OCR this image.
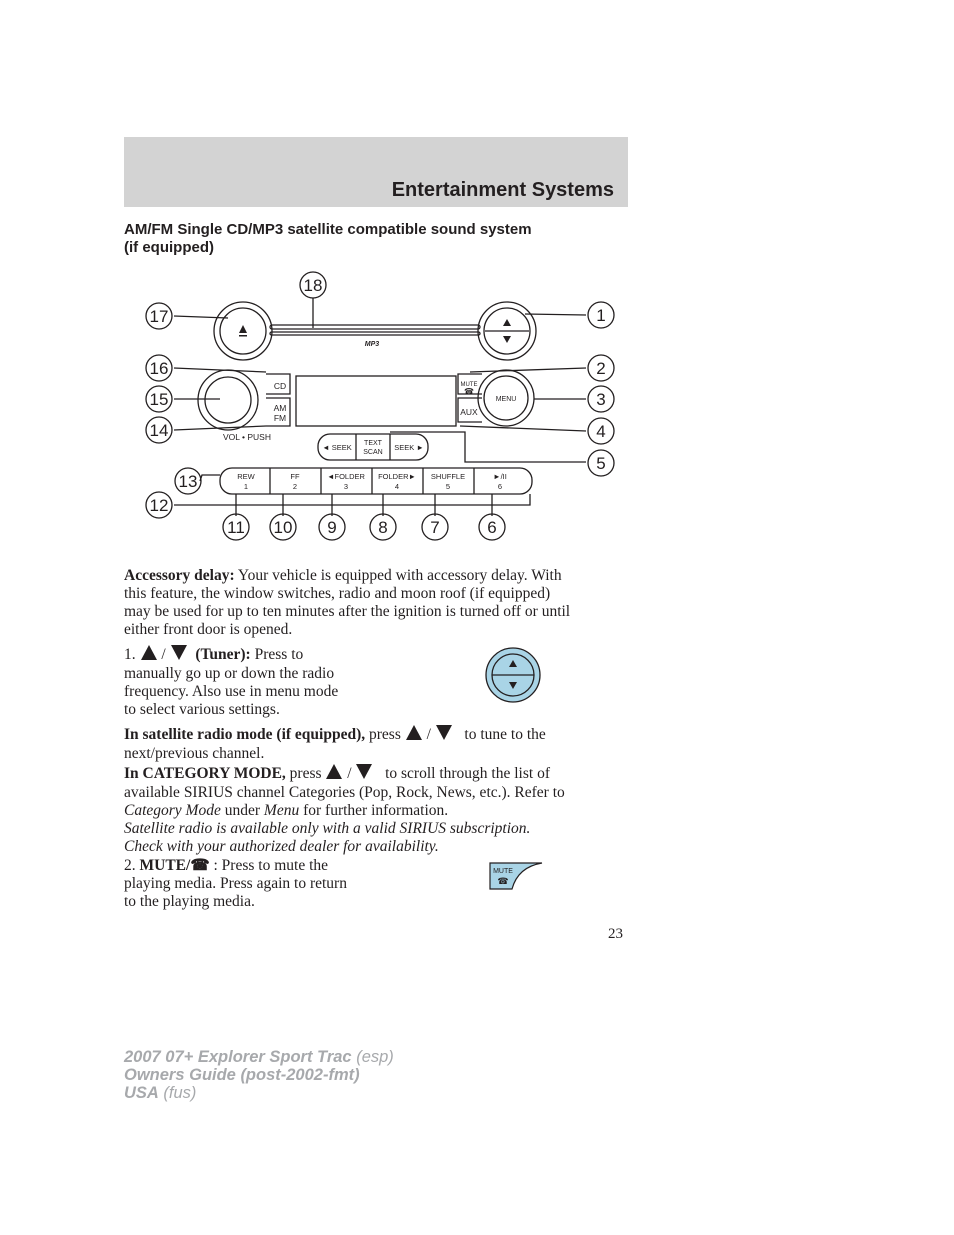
Entertainment Systems
AM/FM Single CD/MP3 satellite compatible sound system
(if equipped)
MP3
CD
AM
FM
VOL • PUSH
MUTE
☎
MENU
AUX
◄ SEEK TEXT
SCAN
SEEK ►
REW
1
FF
2
◄FOLDER
3
FOLDER►
4
SHUFFLE
5
►/II
6
1
2
3
4
5
6
7
8
9
10
11
12
13
14
15
16
17
18
Accessory delay: Your vehicle is equipped with accessory delay. With
this feature, the window switches, radio and moon roof (if equipped)
may be used for up to ten minutes after the ignition is turned off or until
either front door is opened.
1. / (Tuner): Press to
manually go up or down the radio
frequency. Also use in menu mode
to select various settings.
In satellite radio mode (if equipped), press / to tune to the
next/previous channel.
In CATEGORY MODE, press / to scroll through the list of
available SIRIUS channel Categories (Pop, Rock, News, etc.). Refer to
Category Mode under Menu for further information.
Satellite radio is available only with a valid SIRIUS subscription.
Check with your authorized dealer for availability.
2. MUTE/☎ : Press to mute the
playing media. Press again to return
to the playing media.
MUTE
☎
23
2007 07+ Explorer Sport Trac (esp)
Owners Guide (post-2002-fmt)
USA (fus)
